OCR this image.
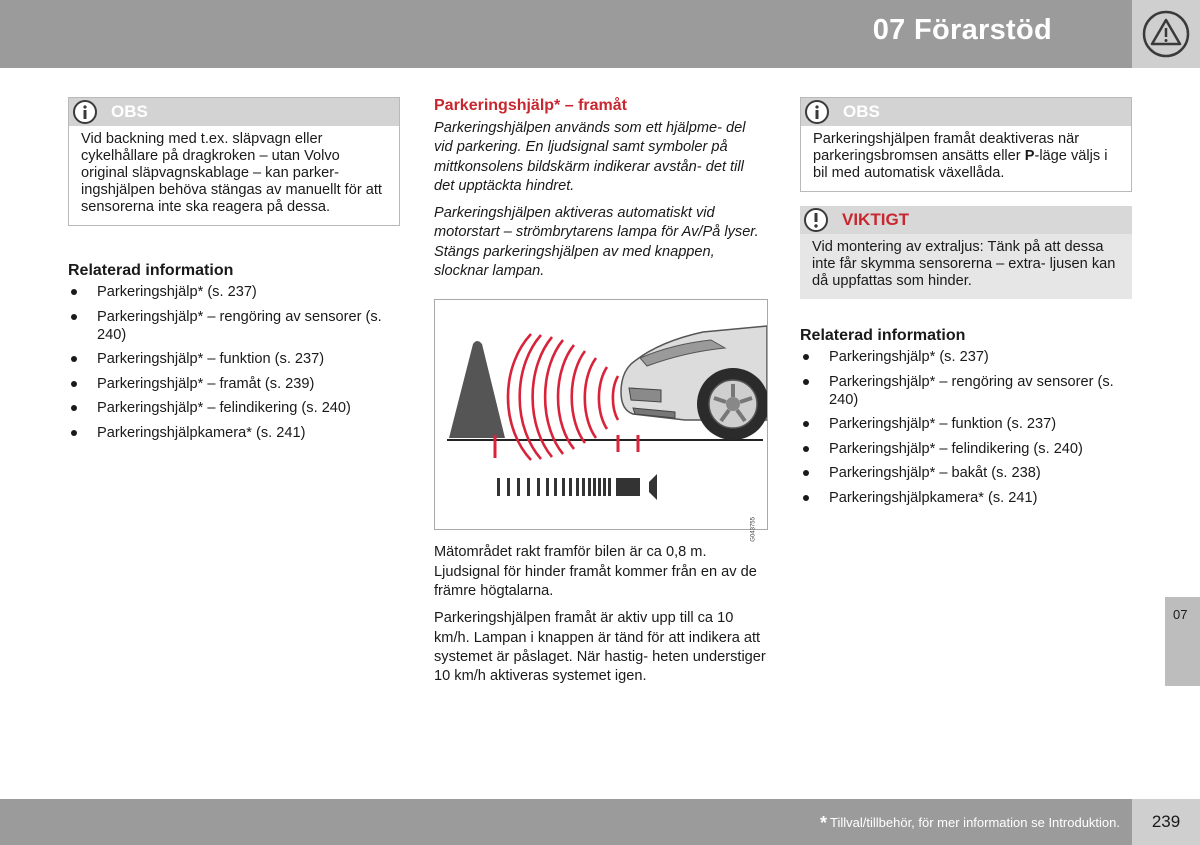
07 Förarstöd
OBS
Vid backning med t.ex. släpvagn eller cykelhållare på dragkroken – utan Volvo original släpvagnskablage – kan parker- ingshjälpen behöva stängas av manuellt för att sensorerna inte ska reagera på dessa.
Relaterad information
Parkeringshjälp* (s. 237)
Parkeringshjälp* – rengöring av sensorer (s. 240)
Parkeringshjälp* – funktion (s. 237)
Parkeringshjälp* – framåt (s. 239)
Parkeringshjälp* – felindikering (s. 240)
Parkeringshjälpkamera* (s. 241)
Parkeringshjälp* – framåt

Parkeringshjälpen används som ett hjälpme- del vid parkering. En ljudsignal samt symboler på mittkonsolens bildskärm indikerar avstån- det till det upptäckta hindret.

Parkeringshjälpen aktiveras automatiskt vid motorstart – strömbrytarens lampa för Av/På lyser. Stängs parkeringshjälpen av med knappen, slocknar lampan.

G043755

Mätområdet rakt framför bilen är ca 0,8 m. Ljudsignal för hinder framåt kommer från en av de främre högtalarna.

Parkeringshjälpen framåt är aktiv upp till ca 10 km/h. Lampan i knappen är tänd för att indikera att systemet är påslaget. När hastig- heten understiger 10 km/h aktiveras systemet igen.

OBS
Parkeringshjälpen framåt deaktiveras när parkeringsbromsen ansätts eller P-läge väljs i bil med automatisk växellåda.
VIKTIGT
Vid montering av extraljus: Tänk på att dessa inte får skymma sensorerna – extra- ljusen kan då uppfattas som hinder.
Relaterad information
Parkeringshjälp* (s. 237)
Parkeringshjälp* – rengöring av sensorer (s. 240)
Parkeringshjälp* – funktion (s. 237)
Parkeringshjälp* – felindikering (s. 240)
Parkeringshjälp* – bakåt (s. 238)
Parkeringshjälpkamera* (s. 241)
07
* Tillval/tillbehör, för mer information se Introduktion.	239
